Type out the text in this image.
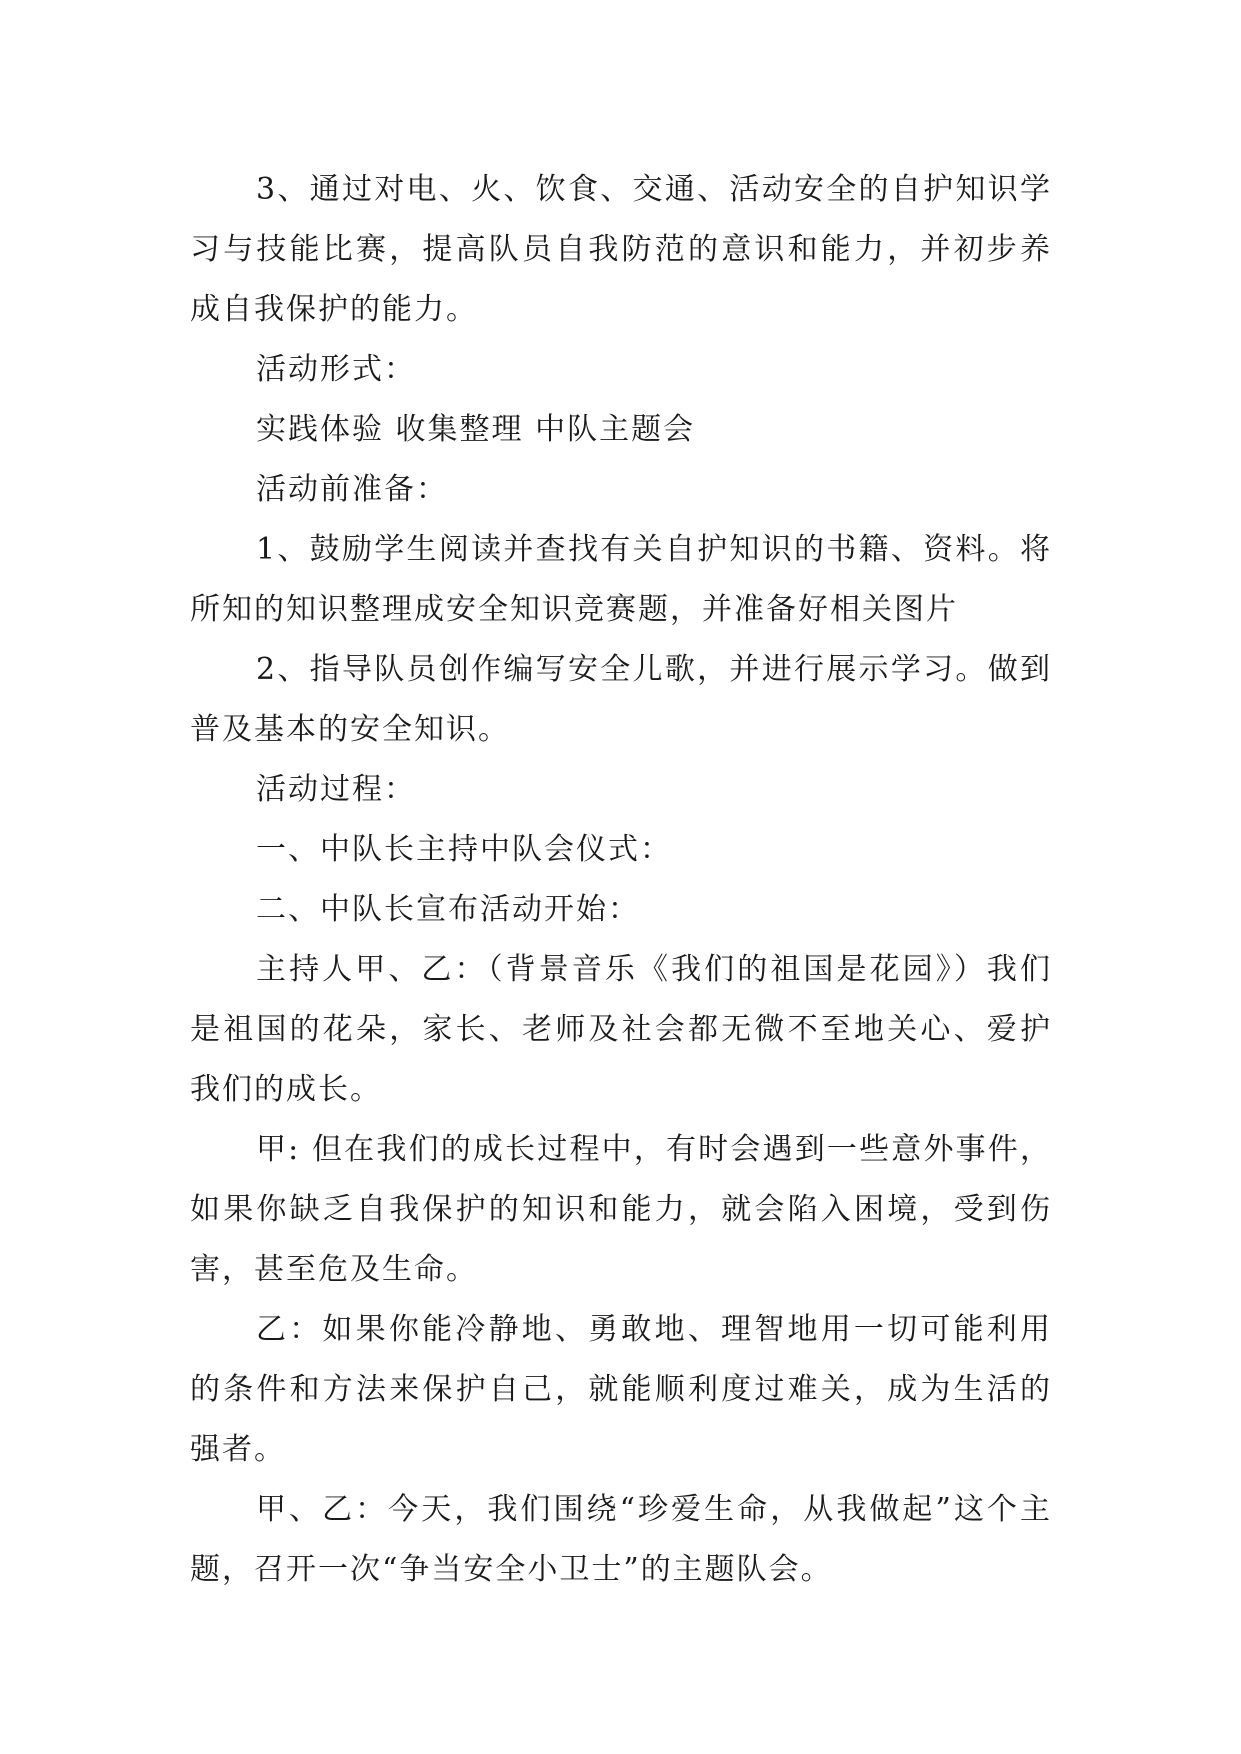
3、通过对电、火、饮食、交通、活动安全的自护知识学习与技能比赛，提高队员自我防范的意识和能力，并初步养成自我保护的能力。

活动形式：

实践体验 收集整理 中队主题会

活动前准备：

1、鼓励学生阅读并查找有关自护知识的书籍、资料。将所知的知识整理成安全知识竞赛题，并准备好相关图片

2、指导队员创作编写安全儿歌，并进行展示学习。做到普及基本的安全知识。

活动过程：

一、中队长主持中队会仪式：

二、中队长宣布活动开始：

主持人甲、乙：（背景音乐《我们的祖国是花园》）我们是祖国的花朵，家长、老师及社会都无微不至地关心、爱护我们的成长。

甲: 但在我们的成长过程中，有时会遇到一些意外事件，如果你缺乏自我保护的知识和能力，就会陷入困境，受到伤害，甚至危及生命。

乙：如果你能冷静地、勇敢地、理智地用一切可能利用的条件和方法来保护自己，就能顺利度过难关，成为生活的强者。

甲、乙：今天，我们围绕“珍爱生命，从我做起”这个主题，召开一次“争当安全小卫士”的主题队会。
